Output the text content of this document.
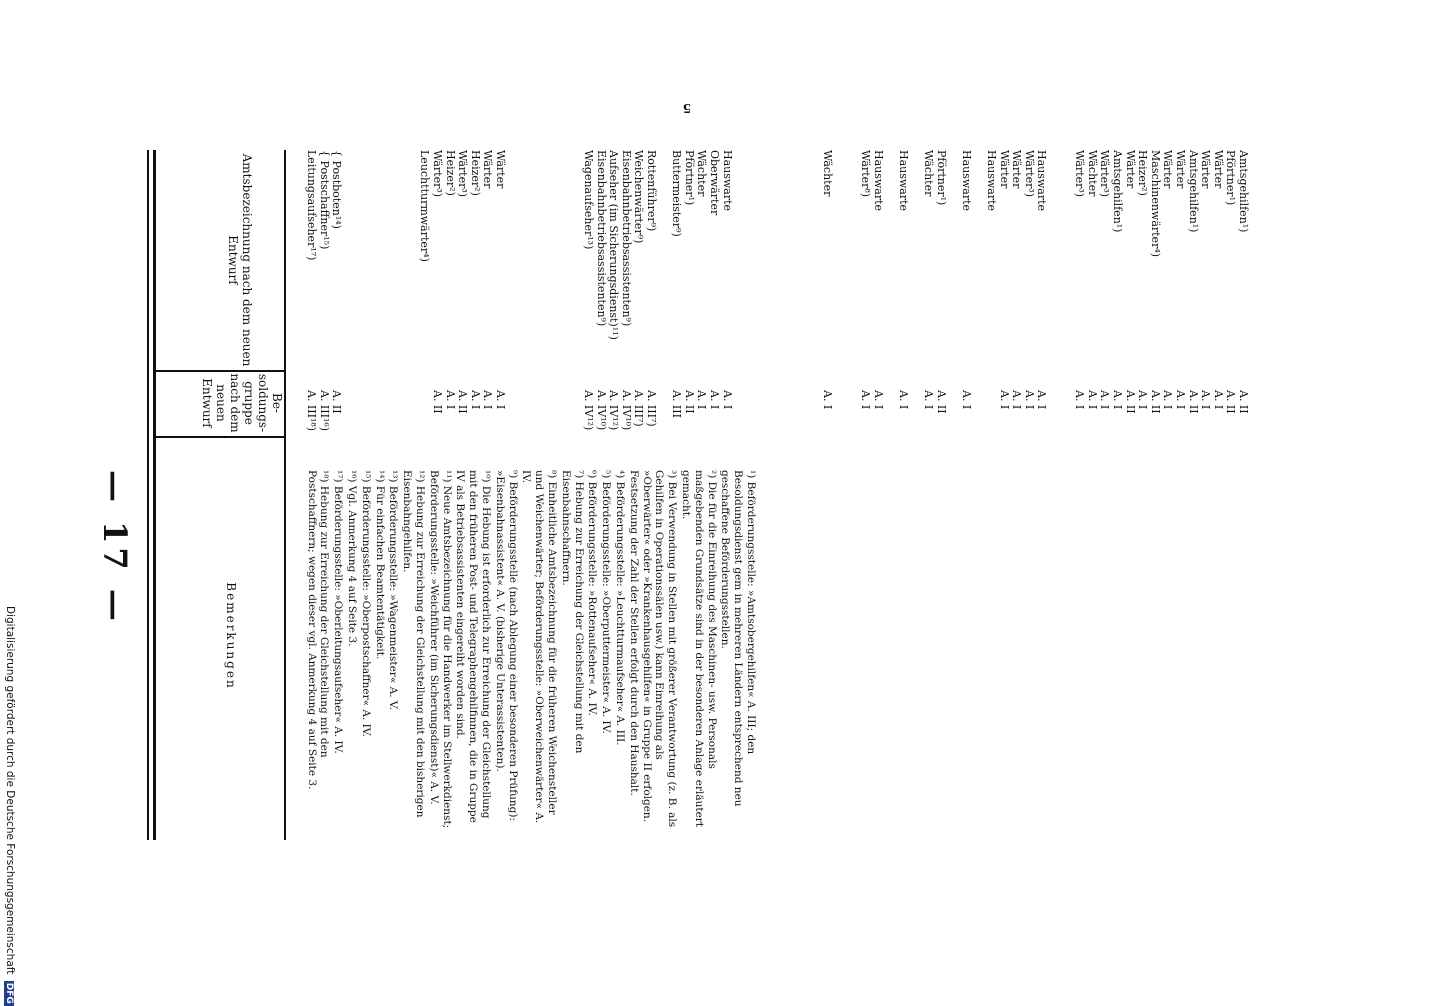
Digitalisierung gefördert durch die Deutsche Forschungsgemeinschaft DFG
— 17 —
Amtsbezeichnung nach dem neuen Entwurf
Be- soldungs- gruppe nach dem neuen Entwurf
Bemerkungen
Amtsgehilfen¹)
Pförtner¹)
Wärter
Wärter
Amtsgehilfen¹)
Wärter
Wärter
Maschinenwärter⁴)
Heizer²)
Wärter
Amtsgehilfen¹)
Wärter³)
Wächter
Wärter³)
Hauswarte
Wärter³)
Wärter
Wärter
Hauswarte
Hauswarte
Pförtner¹)
Wächter
Hauswarte
Hauswarte
Wärter⁸)
Wächter
Hauswarte
Oberwärter
Wächter
Pförtner¹)
Buttermeister⁹)
Rottenführer⁹)
Weichenwärter⁹)
Eisenbahnbetriebsassistenten⁹)
Aufseher (im Sicherungsdienst)¹¹)
Eisenbahnbetriebsassistenten⁹)
Wagenaufseher¹³)
Wärter
Wärter
Heizer²)
Wärter³)
Heizer²)
Wärter³)
Leuchtturmwärter⁴)
{ Postboten¹⁴)
{ Postschaffner¹⁵)
Leitungsaufseher¹⁷)
A. II
A. II
A. I
A. I
A. II
A. I
A. I
A. II
A. I
A. II
A. I
A. I
A. I
A. I
A. I
A. I
A. I
A. I
A. I
A. II
A. I
A. I
A. I
A. I
A. I
A. I
A. I
A. I
A. II
A. III
A. III⁷)
A. III⁷)
A. IV¹⁰)
A. IV¹²)
A. IV¹⁰)
A. IV¹²)
A. I
A. I
A. I
A. II
A. I
A. II
A. II
A. III¹⁶)
A. III¹⁸)
¹) Beförderungsstelle: »Amtsobergehilfen« A. III; den Besoldungsdienst gem in mehreren Ländern entsprechend neu geschaffene Beförderungsstellen.
²) Die für die Einreihung des Maschinen- usw. Personals maßgebenden Grundsätze sind in der besonderen Anlage erläutert gemacht.
³) Bei Verwendung in Stellen mit größerer Verantwortung (z. B. als Gehilfen in Operationssälen usw.) kann Einreihung als »Oberwärter« oder »Krankenhausgehilfen« in Gruppe II erfolgen. Festsetzung der Zahl der Stellen erfolgt durch den Haushalt.
⁴) Beförderungsstelle: »Leuchtturmaufseher« A. III.
⁵) Beförderungsstelle: »Oberputtermeister« A. IV.
⁶) Beförderungsstelle: »Rottenaufseher« A. IV.
⁷) Hebung zur Erreichung der Gleichstellung mit den Eisenbahnschaffnern.
⁸) Einheitliche Amtsbezeichnung für die früheren Weichensteller und Weichenwärter; Beförderungsstelle: »Oberweichenwärter« A. IV.
⁹) Beförderungsstelle (nach Ablegung einer besonderen Prüfung): »Eisenbahnassistent« A. V. (bisherige Unterassistenten).
¹⁰) Die Hebung ist erforderlich zur Erreichung der Gleichstellung mit den früheren Post- und Telegraphengehilfinnen, die in Gruppe IV als Betriebsassistenten eingereiht worden sind.
¹¹) Neue Amtsbezeichnung für die Handwerker im Stellwerkdienst; Beförderungsstelle: »Weichführer (im Sicherungsdienst)« A. V.
¹²) Hebung zur Erreichung der Gleichstellung mit den bisherigen Eisenbahngehilfen.
¹³) Beförderungsstelle: »Wagenmeister« A. V.
¹⁴) Für einfachen Beamtentätigkeit.
¹⁵) Beförderungsstelle: »Oberpostschaffner« A. IV.
¹⁶) Vgl. Anmerkung 4 auf Seite 3.
¹⁷) Beförderungsstelle: »Oberleitungsaufseher« A. IV.
¹⁸) Hebung zur Erreichung der Gleichstellung mit den Postschaffnern; wegen dieser vgl. Anmerkung 4 auf Seite 3.
5
